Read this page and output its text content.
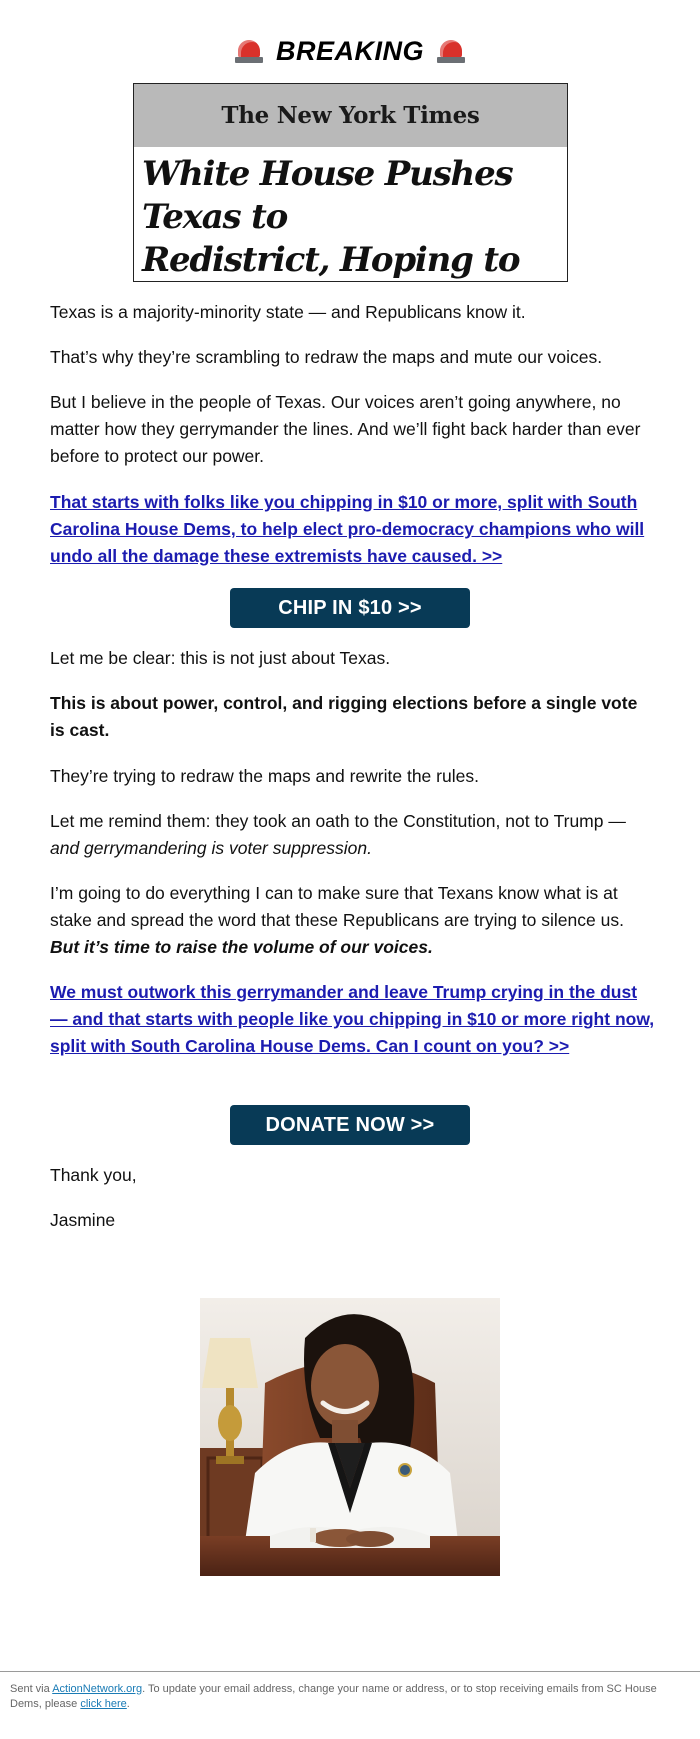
BREAKING
The New York Times
White House Pushes Texas to
Redistrict, Hoping to

Texas is a majority-minority state — and Republicans know it.

That’s why they’re scrambling to redraw the maps and mute our voices.

But I believe in the people of Texas. Our voices aren’t going anywhere, no matter how they gerrymander the lines. And we’ll fight back harder than ever before to protect our power.

That starts with folks like you chipping in $10 or more, split with South Carolina House Dems, to help elect pro-democracy champions who will undo all the damage these extremists have caused. >>

CHIP IN $10 >>

Let me be clear: this is not just about Texas.

This is about power, control, and rigging elections before a single vote is cast.

They’re trying to redraw the maps and rewrite the rules.

Let me remind them: they took an oath to the Constitution, not to Trump — and gerrymandering is voter suppression.

I’m going to do everything I can to make sure that Texans know what is at stake and spread the word that these Republicans are trying to silence us. But it’s time to raise the volume of our voices.

We must outwork this gerrymander and leave Trump crying in the dust — and that starts with people like you chipping in $10 or more right now, split with South Carolina House Dems. Can I count on you? >>

DONATE NOW >>

Thank you,

Jasmine

Sent via ActionNetwork.org. To update your email address, change your name or address, or to stop receiving emails from SC House Dems, please click here.
